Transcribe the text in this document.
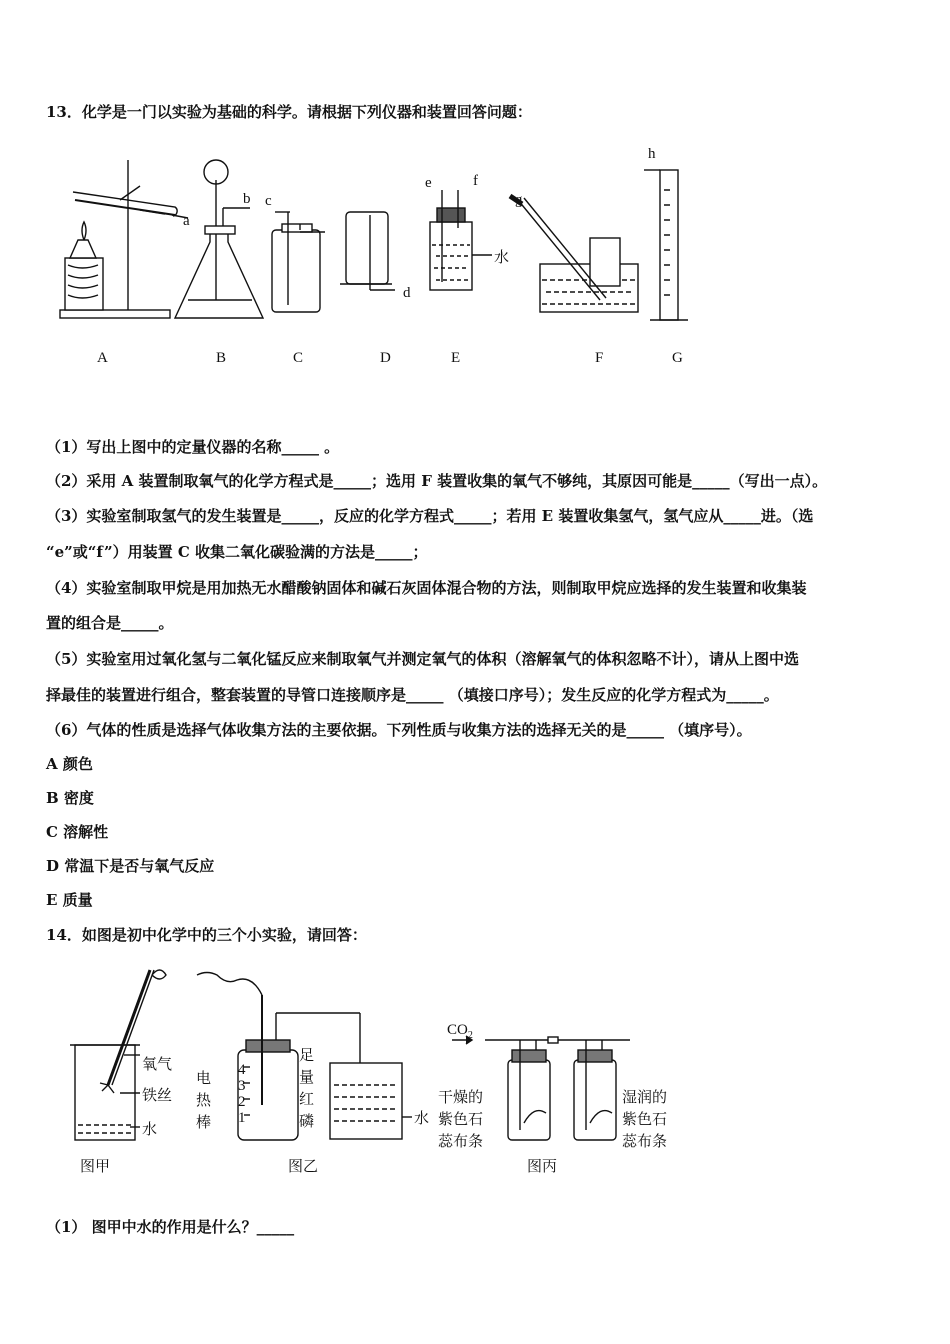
13．化学是一门以实验为基础的科学。请根据下列仪器和装置回答问题：
a
b c
d
e	f
g
h
水
A	B	C	D	E	F	G
（1）写出上图中的定量仪器的名称_____ 。
（2）采用 A 装置制取氧气的化学方程式是_____；选用 F 装置收集的氧气不够纯，其原因可能是_____（写出一点）。
（3）实验室制取氢气的发生装置是_____，反应的化学方程式_____；若用 E 装置收集氢气，氢气应从_____进。（选
“e”或“f”）用装置 C 收集二氧化碳验满的方法是_____；
（4）实验室制取甲烷是用加热无水醋酸钠固体和碱石灰固体混合物的方法，则制取甲烷应选择的发生装置和收集装
置的组合是_____。
（5）实验室用过氧化氢与二氧化锰反应来制取氧气并测定氧气的体积（溶解氧气的体积忽略不计），请从上图中选
择最佳的装置进行组合，整套装置的导管口连接顺序是_____ （填接口序号）；发生反应的化学方程式为_____。
（6）气体的性质是选择气体收集方法的主要依据。下列性质与收集方法的选择无关的是_____ （填序号）。
A 颜色
B 密度
C 溶解性
D 常温下是否与氧气反应
E 质量
14．如图是初中化学中的三个小实验，请回答：
氧气
铁丝
水
图甲
电
热
棒
4
3
2
1
足
量
红
磷	水
图乙
$CO_2$
干燥的
紫色石
蕊布条
湿润的
紫色石
蕊布条
图丙
（1） 图甲中水的作用是什么？_____
